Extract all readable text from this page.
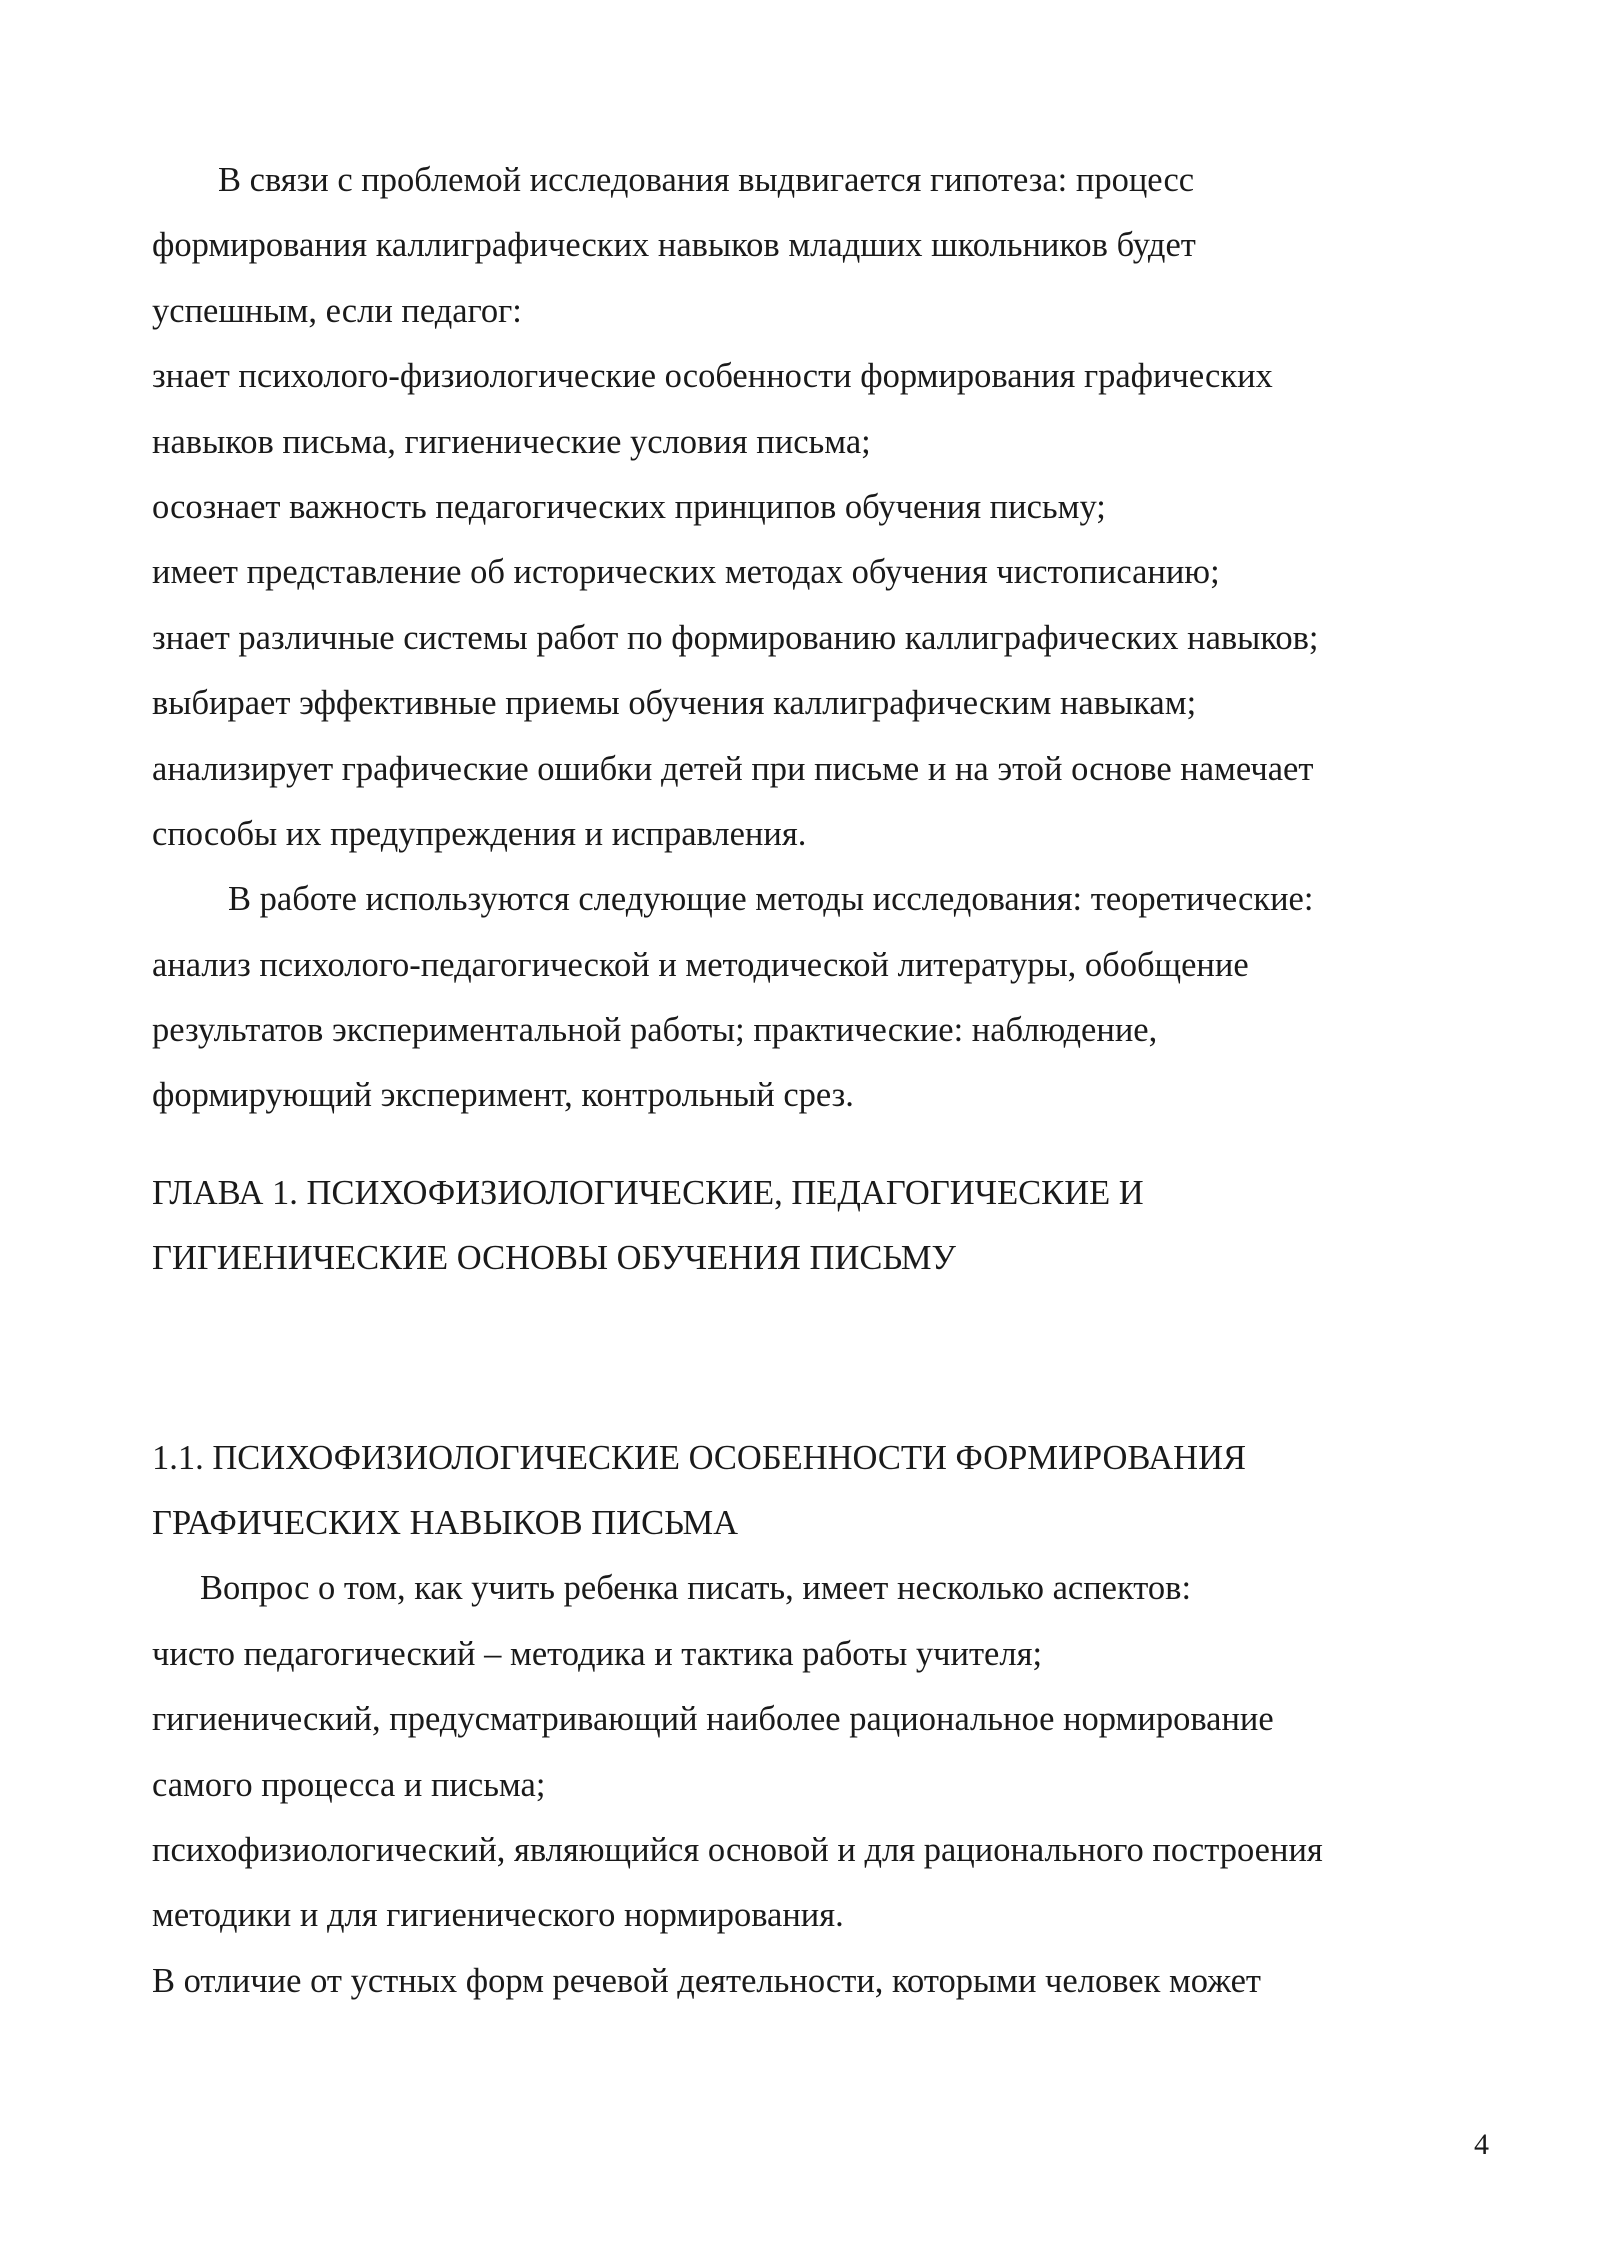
В связи с проблемой исследования выдвигается гипотеза: процесс
формирования каллиграфических навыков младших школьников будет
успешным, если педагог:
знает психолого-физиологические особенности формирования графических
навыков письма, гигиенические условия письма;
осознает важность педагогических принципов обучения письму;
имеет представление об исторических методах обучения чистописанию;
знает различные системы работ по формированию каллиграфических навыков;
выбирает эффективные приемы обучения каллиграфическим навыкам;
анализирует графические ошибки детей при письме и на этой основе намечает
способы их предупреждения и исправления.
В работе используются следующие методы исследования: теоретические:
анализ психолого-педагогической и методической литературы, обобщение
результатов экспериментальной работы; практические: наблюдение,
формирующий эксперимент, контрольный срез.
ГЛАВА 1. ПСИХОФИЗИОЛОГИЧЕСКИЕ, ПЕДАГОГИЧЕСКИЕ И
ГИГИЕНИЧЕСКИЕ ОСНОВЫ ОБУЧЕНИЯ ПИСЬМУ
1.1. ПСИХОФИЗИОЛОГИЧЕСКИЕ ОСОБЕННОСТИ ФОРМИРОВАНИЯ
ГРАФИЧЕСКИХ НАВЫКОВ ПИСЬМА
Вопрос о том, как учить ребенка писать, имеет несколько аспектов:
чисто педагогический – методика и тактика работы учителя;
гигиенический, предусматривающий наиболее рациональное нормирование
самого процесса и письма;
психофизиологический, являющийся основой и для рационального построения
методики и для гигиенического нормирования.
В отличие от устных форм речевой деятельности, которыми человек может
4
